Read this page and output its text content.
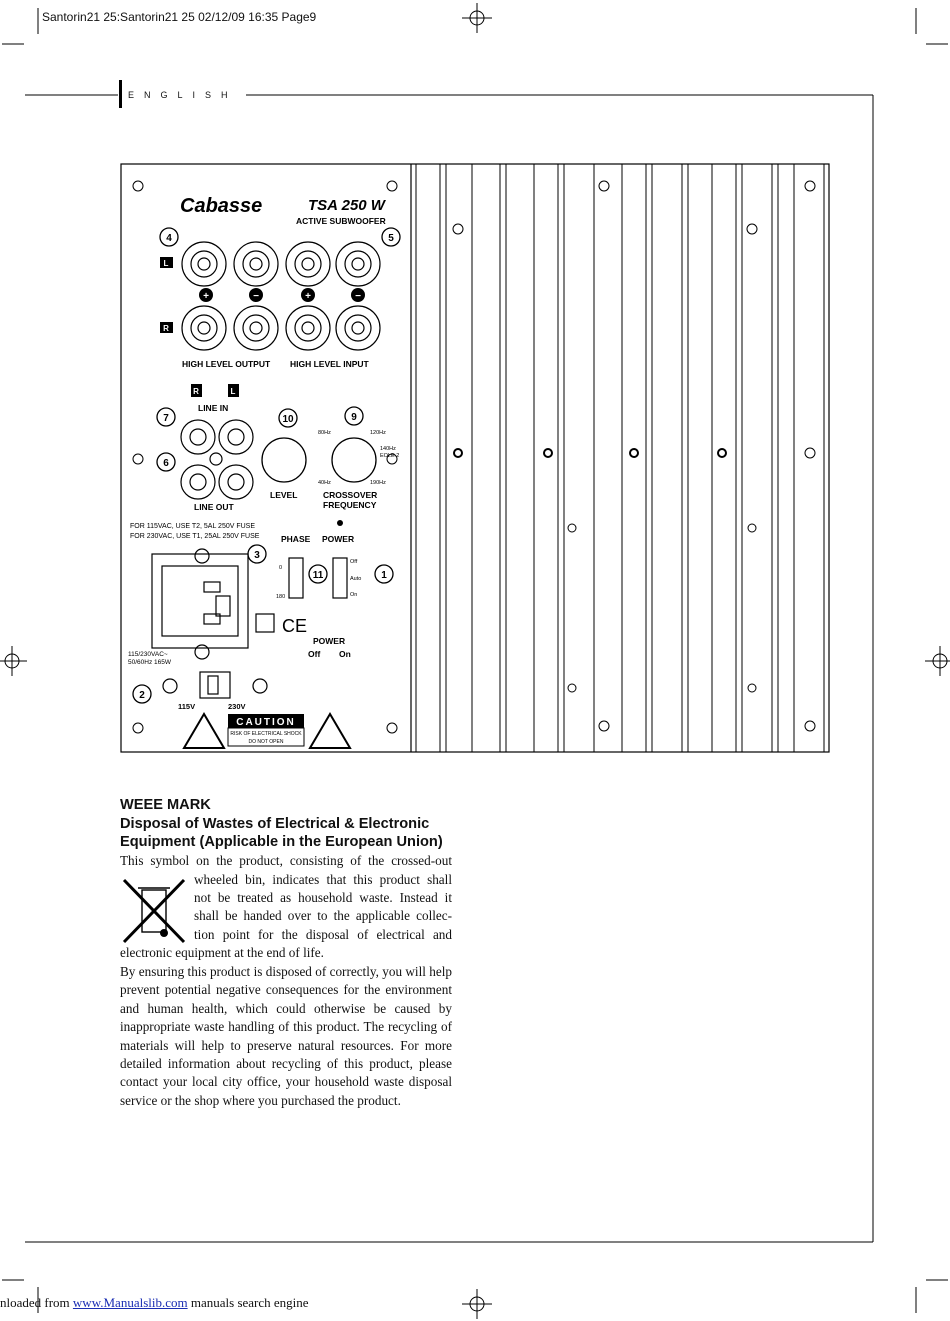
Santorin21 25:Santorin21 25 02/12/09 16:35 Page9
ENGLISH
Cabasse	TSA 250 W
ACTIVE SUBWOOFER
+	−	+	−
L
R
HIGH LEVEL OUTPUT HIGH LEVEL INPUT
R	L
LINE IN
LINE OUT
LEVEL	CROSSOVER
FREQUENCY
80Hz	120Hz
140Hz
EOLE 2
40Hz	190Hz
FOR 115VAC, USE T2, 5AL 250V FUSE
FOR 230VAC, USE T1, 25AL 250V FUSE	PHASE POWER
0
180
Off
Auto
On
CE
115/230VAC~
50/60Hz 165W
POWER
Off On
115V	230V
CAUTION
RISK OF ELECTRICAL SHOCK
DO NOT OPEN
4	5
7
6
10	9
3
11	1
2
WEEE MARK
Disposal of Wastes of Electrical & Electronic
Equipment (Applicable in the European Union)
This symbol on the product, consisting of the crossed-out
wheeled bin, indicates that this product shall
not be treated as household waste. Instead it
shall be handed over to the applicable collec-
tion point for the disposal of electrical and
electronic equipment at the end of life.
By ensuring this product is disposed of correctly, you will help prevent potential negative consequences for the environment and human health, which could otherwise be caused by inappropriate waste handling of this product. The recycling of materials will help to preserve natural resources. For more detailed information about recycling of this product, please contact your local city office, your household waste disposal service or the shop where you purchased the product.
nloaded from www.Manualslib.com manuals search engine
